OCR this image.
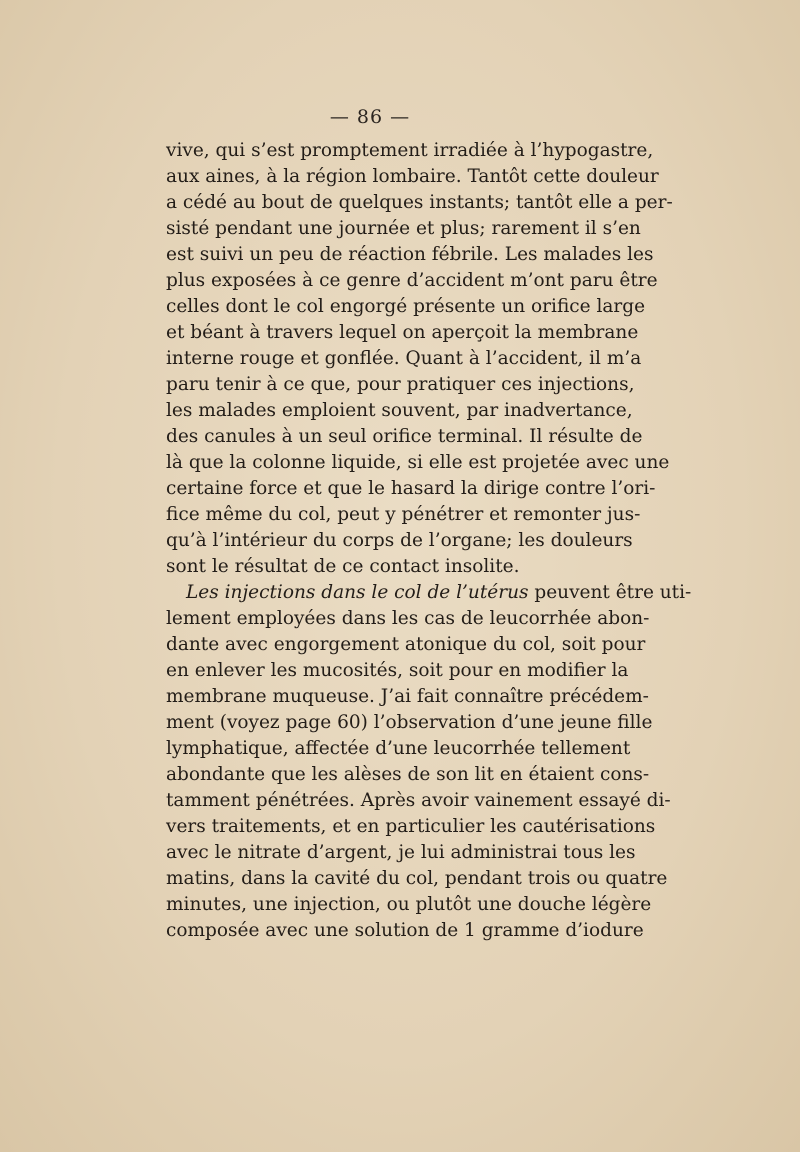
— 86 —
vive, qui s’est promptement irradiée à l’hypogastre,
aux aines, à la région lombaire. Tantôt cette douleur
a cédé au bout de quelques instants; tantôt elle a per-
sisté pendant une journée et plus; rarement il s’en
est suivi un peu de réaction fébrile. Les malades les
plus exposées à ce genre d’accident m’ont paru être
celles dont le col engorgé présente un orifice large
et béant à travers lequel on aperçoit la membrane
interne rouge et gonflée. Quant à l’accident, il m’a
paru tenir à ce que, pour pratiquer ces injections,
les malades emploient souvent, par inadvertance,
des canules à un seul orifice terminal. Il résulte de
là que la colonne liquide, si elle est projetée avec une
certaine force et que le hasard la dirige contre l’ori-
fice même du col, peut y pénétrer et remonter jus-
qu’à l’intérieur du corps de l’organe; les douleurs
sont le résultat de ce contact insolite.
Les injections dans le col de l’utérus peuvent être uti-
lement employées dans les cas de leucorrhée abon-
dante avec engorgement atonique du col, soit pour
en enlever les mucosités, soit pour en modifier la
membrane muqueuse. J’ai fait connaître précédem-
ment (voyez page 60) l’observation d’une jeune fille
lymphatique, affectée d’une leucorrhée tellement
abondante que les alèses de son lit en étaient cons-
tamment pénétrées. Après avoir vainement essayé di-
vers traitements, et en particulier les cautérisations
avec le nitrate d’argent, je lui administrai tous les
matins, dans la cavité du col, pendant trois ou quatre
minutes, une injection, ou plutôt une douche légère
composée avec une solution de 1 gramme d’iodure
